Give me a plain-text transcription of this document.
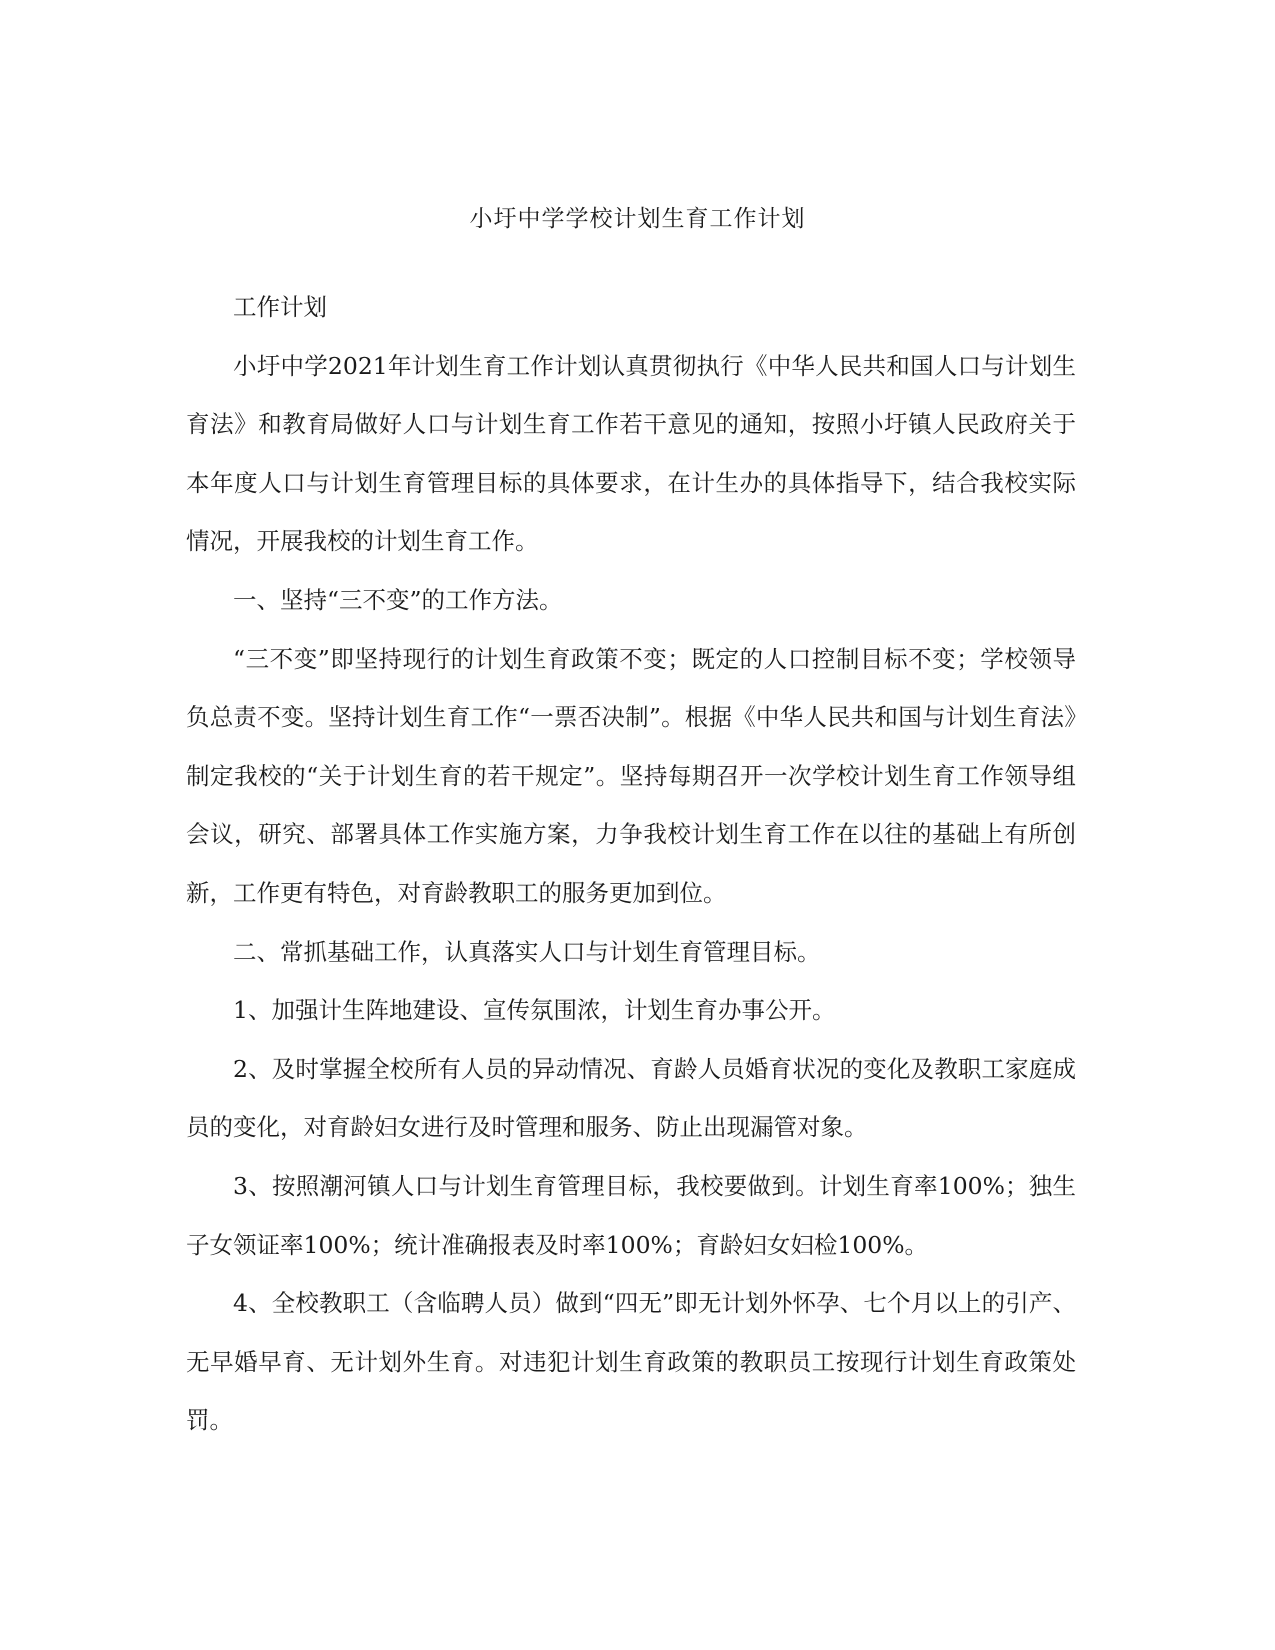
小圩中学学校计划生育工作计划

工作计划

小圩中学2021年计划生育工作计划认真贯彻执行《中华人民共和国人口与计划生育法》和教育局做好人口与计划生育工作若干意见的通知，按照小圩镇人民政府关于本年度人口与计划生育管理目标的具体要求，在计生办的具体指导下，结合我校实际情况，开展我校的计划生育工作。

一、坚持“三不变”的工作方法。

“三不变”即坚持现行的计划生育政策不变；既定的人口控制目标不变；学校领导负总责不变。坚持计划生育工作“一票否决制”。根据《中华人民共和国与计划生育法》制定我校的“关于计划生育的若干规定”。坚持每期召开一次学校计划生育工作领导组会议，研究、部署具体工作实施方案，力争我校计划生育工作在以往的基础上有所创新，工作更有特色，对育龄教职工的服务更加到位。

二、常抓基础工作，认真落实人口与计划生育管理目标。

1、加强计生阵地建设、宣传氛围浓，计划生育办事公开。

2、及时掌握全校所有人员的异动情况、育龄人员婚育状况的变化及教职工家庭成员的变化，对育龄妇女进行及时管理和服务、防止出现漏管对象。

3、按照潮河镇人口与计划生育管理目标，我校要做到。计划生育率100%；独生子女领证率100%；统计准确报表及时率100%；育龄妇女妇检100%。

4、全校教职工（含临聘人员）做到“四无”即无计划外怀孕、七个月以上的引产、无早婚早育、无计划外生育。对违犯计划生育政策的教职员工按现行计划生育政策处罚。
